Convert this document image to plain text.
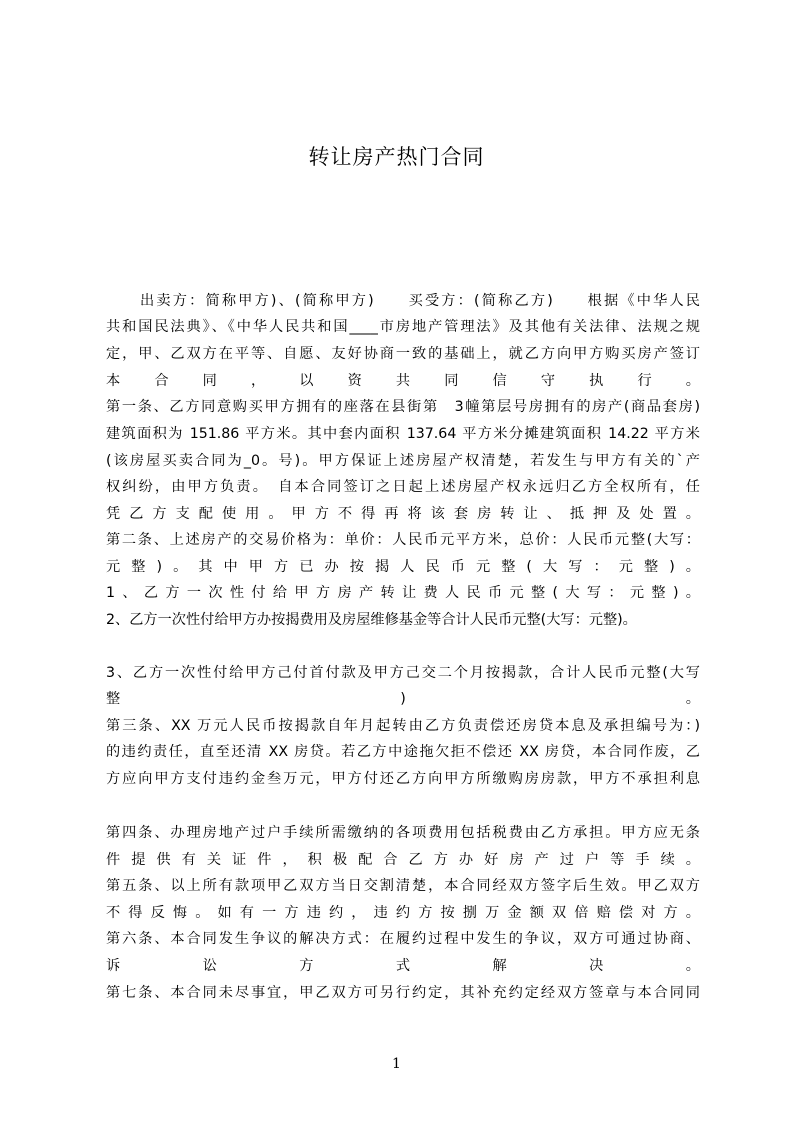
转让房产热门合同
出卖方：简称甲方)、(简称甲方)　　买受方：(简称乙方)　　根据《中华人民
共和国民法典》、《中华人民共和国____市房地产管理法》及其他有关法律、法规之规
定，甲、乙双方在平等、自愿、友好协商一致的基础上，就乙方向甲方购买房产签订
本合同，以资共同信守执行。
第一条、乙方同意购买甲方拥有的座落在县街第　3幢第层号房拥有的房产(商品套房)
建筑面积为 151.86 平方米。其中套内面积 137.64 平方米分摊建筑面积 14.22 平方米
(该房屋买卖合同为_0。号)。甲方保证上述房屋产权清楚，若发生与甲方有关的`产
权纠纷，由甲方负责。　自本合同签订之日起上述房屋产权永远归乙方全权所有，任
凭乙方支配使用。甲方不得再将该套房转让、抵押及处置。
第二条、上述房产的交易价格为：单价：人民币元平方米，总价：人民币元整(大写：
元整)。其中甲方已办按揭人民币元整(大写：元整)。
1、乙方一次性付给甲方房产转让费人民币元整(大写：元整)。
2、乙方一次性付给甲方办按揭费用及房屋维修基金等合计人民币元整(大写：元整)。
3、乙方一次性付给甲方己付首付款及甲方己交二个月按揭款，合计人民币元整(大写
整　　　　　　　　　　　　　　　　　)　　　　　　　　　　　　　　　　　。
第三条、XX 万元人民币按揭款自年月起转由乙方负责偿还房贷本息及承担编号为：)
的违约责任，直至还清 XX 房贷。若乙方中途拖欠拒不偿还 XX 房贷，本合同作废，乙
方应向甲方支付违约金叁万元，甲方付还乙方向甲方所缴购房房款，甲方不承担利息
第四条、办理房地产过户手续所需缴纳的各项费用包括税费由乙方承担。甲方应无条
件提供有关证件，积极配合乙方办好房产过户等手续。
第五条、以上所有款项甲乙双方当日交割清楚，本合同经双方签字后生效。甲乙双方
不得反悔。如有一方违约，违约方按捌万金额双倍赔偿对方。
第六条、本合同发生争议的解决方式：在履约过程中发生的争议，双方可通过协商、
诉讼方式解决。
第七条、本合同未尽事宜，甲乙双方可另行约定，其补充约定经双方签章与本合同同
1
